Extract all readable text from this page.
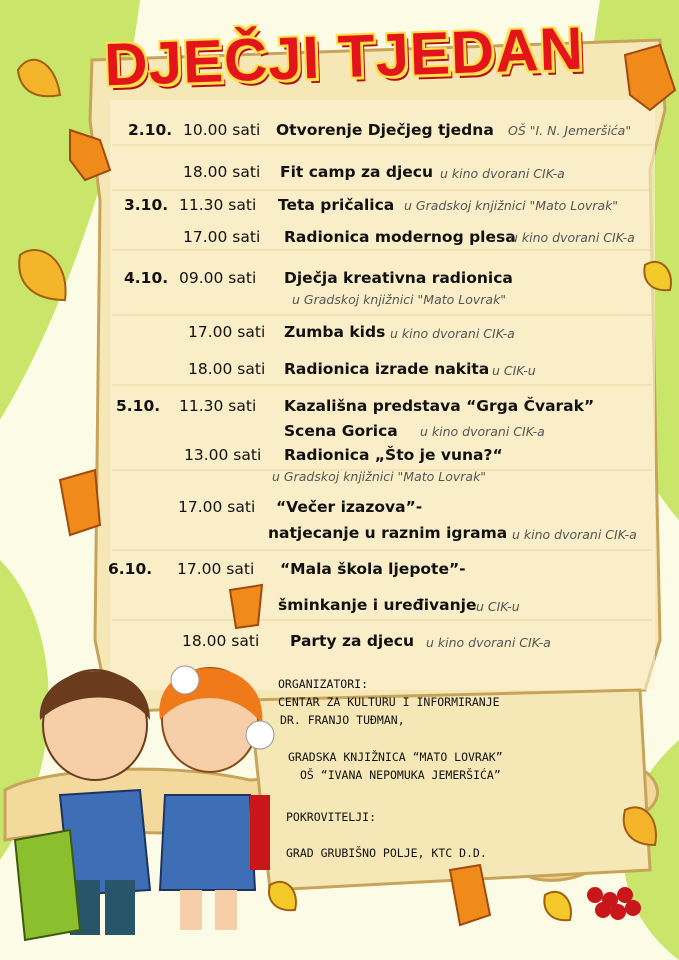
DJEČJI TJEDAN
2.10. 10.00 sati Otvorenje Dječjeg tjedna OŠ "I. N. Jemeršića"
18.00 sati Fit camp za djecu u kino dvorani CIK-a
3.10. 11.30 sati Teta pričalica u Gradskoj knjižnici "Mato Lovrak"
17.00 sati Radionica modernog plesa
u kino dvorani CIK-a
4.10. 09.00 sati Dječja kreativna radionica
u Gradskoj knjižnici "Mato Lovrak"
17.00 sati Zumba kids u kino dvorani CIK-a
18.00 sati Radionica izrade nakita u CIK-u
5.10. 11.30 sati Kazališna predstava “Grga Čvarak”
Scena Gorica u kino dvorani CIK-a
13.00 sati Radionica „Što je vuna?“
u Gradskoj knjižnici "Mato Lovrak"
17.00 sati “Večer izazova”-
natjecanje u raznim igrama u kino dvorani CIK-a
6.10. 17.00 sati “Mala škola ljepote”-
šminkanje i uređivanje u CIK-u
18.00 sati Party za djecu u kino dvorani CIK-a
ORGANIZATORI:
CENTAR ZA KULTURU I INFORMIRANJE
DR. FRANJO TUĐMAN,
GRADSKA KNJIŽNICA “MATO LOVRAK”
OŠ “IVANA NEPOMUKA JEMERŠIĆA”
POKROVITELJI:
GRAD GRUBIŠNO POLJE, KTC D.D.
